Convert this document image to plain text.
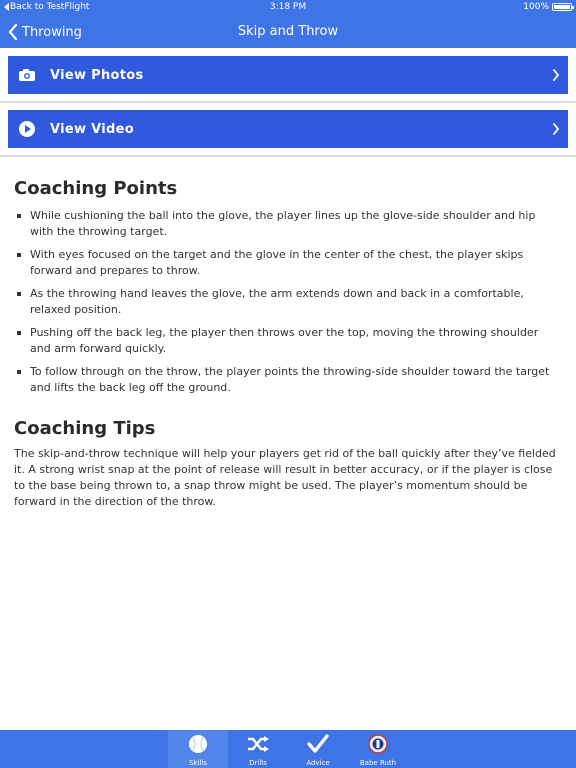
Back to TestFlight	3:18 PM	100%
Throwing	Skip and Throw
View Photos
View Video
Coaching Points
While cushioning the ball into the glove, the player lines up the glove-side shoulder and hip with the throwing target.
With eyes focused on the target and the glove in the center of the chest, the player skips forward and prepares to throw.
As the throwing hand leaves the glove, the arm extends down and back in a comfortable, relaxed position.
Pushing off the back leg, the player then throws over the top, moving the throwing shoulder and arm forward quickly.
To follow through on the throw, the player points the throwing-side shoulder toward the target and lifts the back leg off the ground.
Coaching Tips
The skip-and-throw technique will help your players get rid of the ball quickly after they’ve fielded it. A strong wrist snap at the point of release will result in better accuracy, or if the player is close to the base being thrown to, a snap throw might be used. The player’s momentum should be forward in the direction of the throw.
Skills	Drills	Advice	Babe Ruth
